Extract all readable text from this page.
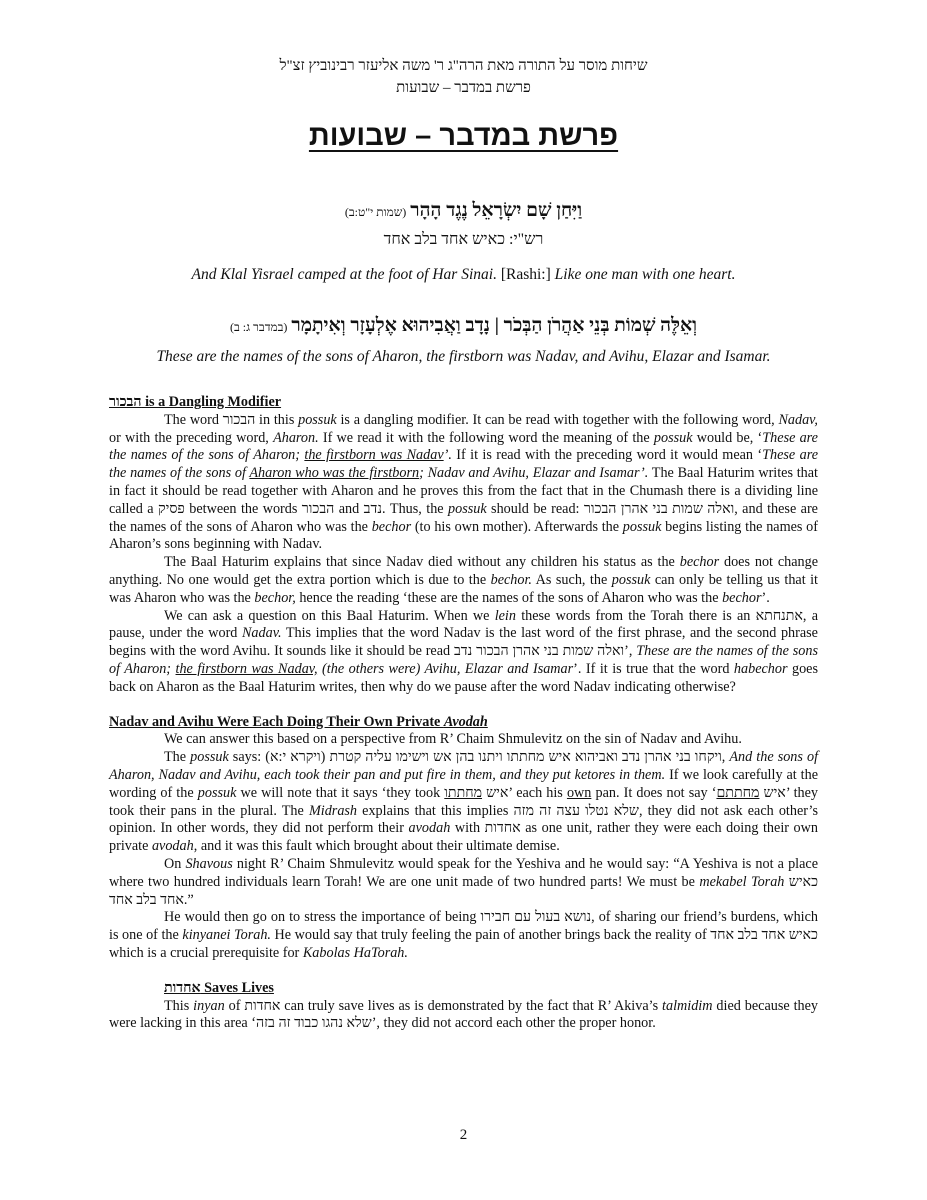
שיחות מוסר על התורה מאת הרה"ג ר' משה אליעזר רבינוביץ זצ"ל
פרשת במדבר – שבועות
פרשת במדבר – שבועות
וַיִּחַן שָׁם יִשְׂרָאֵל נֶגֶד הָהָר (שמות י"ט:ב)
רש"י: כאיש אחד בלב אחד
And Klal Yisrael camped at the foot of Har Sinai. [Rashi:] Like one man with one heart.
וְאֵלֶּה שְׁמוֹת בְּנֵי אַהֲרֹן הַבְּכֹר | נָדָב וַאֲבִיהוּא אֶלְעָזָר וְאִיתָמָר (במדבר ג: ב)
These are the names of the sons of Aharon, the firstborn was Nadav, and Avihu, Elazar and Isamar.

הבכור is a Dangling Modifier

The word הבכור in this possuk is a dangling modifier. It can be read with together with the following word, Nadav, or with the preceding word, Aharon. If we read it with the following word the meaning of the possuk would be, ‘These are the names of the sons of Aharon; the firstborn was Nadav’. If it is read with the preceding word it would mean ‘These are the names of the sons of Aharon who was the firstborn; Nadav and Avihu, Elazar and Isamar’. The Baal Haturim writes that in fact it should be read together with Aharon and he proves this from the fact that in the Chumash there is a dividing line called a פסיק between the words הבכור and נדב. Thus, the possuk should be read: ואלה שמות בני אהרן הבכור, and these are the names of the sons of Aharon who was the bechor (to his own mother). Afterwards the possuk begins listing the names of Aharon’s sons beginning with Nadav.

The Baal Haturim explains that since Nadav died without any children his status as the bechor does not change anything. No one would get the extra portion which is due to the bechor. As such, the possuk can only be telling us that it was Aharon who was the bechor, hence the reading ‘these are the names of the sons of Aharon who was the bechor’.

We can ask a question on this Baal Haturim. When we lein these words from the Torah there is an אתנחתא, a pause, under the word Nadav. This implies that the word Nadav is the last word of the first phrase, and the second phrase begins with the word Avihu. It sounds like it should be read ואלה שמות בני אהרן הבכור נדב’, These are the names of the sons of Aharon; the firstborn was Nadav, (the others were) Avihu, Elazar and Isamar’. If it is true that the word habechor goes back on Aharon as the Baal Haturim writes, then why do we pause after the word Nadav indicating otherwise?

Nadav and Avihu Were Each Doing Their Own Private Avodah

We can answer this based on a perspective from R’ Chaim Shmulevitz on the sin of Nadav and Avihu.

The possuk says: (ויקרא י:א) ויקחו בני אהרן נדב ואביהוא איש מחתתו ויתנו בהן אש וישימו עליה קטרת, And the sons of Aharon, Nadav and Avihu, each took their pan and put fire in them, and they put ketores in them. If we look carefully at the wording of the possuk we will note that it says ‘they took	איש מחתתו ’ each his own pan. It does not say ‘	איש מחתתם ’ they took their pans in the plural. The Midrash explains that this implies שלא נטלו עצה זה מזה, they did not ask each other’s opinion. In other words, they did not perform their avodah with אחדות as one unit, rather they were each doing their own private avodah, and it was this fault which brought about their ultimate demise.

On Shavous night R’ Chaim Shmulevitz would speak for the Yeshiva and he would say: “A Yeshiva is not a place where two hundred individuals learn Torah! We are one unit made of two hundred parts! We must be mekabel Torah כאיש אחד בלב אחד.”

He would then go on to stress the importance of being נושא בעול עם חבירו, of sharing our friend’s burdens, which is one of the kinyanei Torah. He would say that truly feeling the pain of another brings back the reality of כאיש אחד בלב אחד which is a crucial prerequisite for Kabolas HaTorah.

אחדות Saves Lives

This inyan of אחדות can truly save lives as is demonstrated by the fact that R’ Akiva’s talmidim died because they were lacking in this area ‘שלא נהגו כבוד זה בזה’, they did not accord each other the proper honor.

2
